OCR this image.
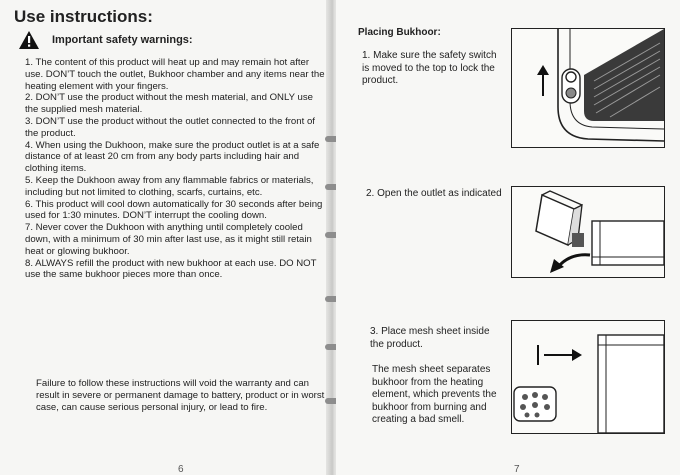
Use instructions:
Important safety warnings:
1. The content of this product will heat up and may remain hot after use. DON’T touch the outlet, Bukhoor chamber and any items near the heating element with your fingers.
2. DON’T use the product without the mesh material, and ONLY use the supplied mesh material.
3. DON’T use the product without the outlet connected to the front of the product.
4. When using the Dukhoon, make sure the product outlet is at a safe distance of at least 20 cm from any body parts including hair and clothing items.
5. Keep the Dukhoon away from any flammable fabrics or materials, including but not limited to clothing, scarfs, curtains, etc.
6. This product will cool down automatically for 30 seconds after being used for 1:30 minutes. DON’T interrupt the cooling down.
7. Never cover the Dukhoon with anything until completely cooled down, with a minimum of 30 min after last use, as it might still retain heat or glowing bukhoor.
8. ALWAYS refill the product with new bukhoor at each use. DO NOT use the same bukhoor pieces more than once.
Failure to follow these instructions will void the warranty and can result in severe or permanent damage to battery, product or in worst case, can cause serious personal injury, or lead to fire.
6
Placing Bukhoor:
1. Make sure the safety switch is moved to the top to lock the product.
2. Open the outlet as indicated
3. Place mesh sheet inside the product.
The mesh sheet separates bukhoor from the heating element, which prevents the bukhoor from burning and creating a bad smell.
7
